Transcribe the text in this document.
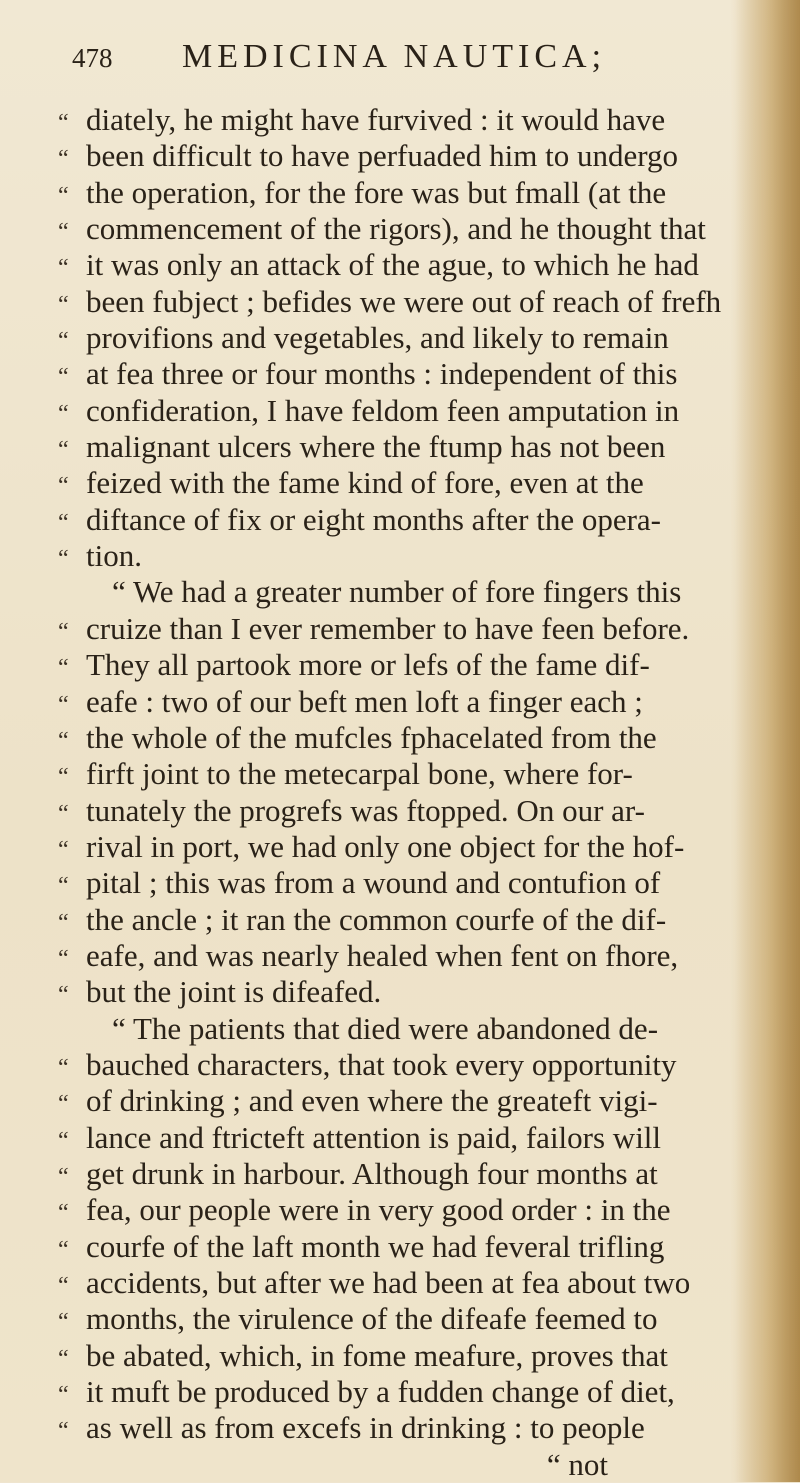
478	MEDICINA NAUTICA;
“ diately, he might have furvived : it would have
“ been difficult to have perfuaded him to undergo
“ the operation, for the fore was but fmall (at the
“ commencement of the rigors), and he thought that
“ it was only an attack of the ague, to which he had
“ been fubject ; befides we were out of reach of frefh
“ provifions and vegetables, and likely to remain
“ at fea three or four months : independent of this
“ confideration, I have feldom feen amputation in
“ malignant ulcers where the ftump has not been
“ feized with the fame kind of fore, even at the
“ diftance of fix or eight months after the opera-
“ tion.
“ We had a greater number of fore fingers this
“ cruize than I ever remember to have feen before.
“ They all partook more or lefs of the fame dif-
“ eafe : two of our beft men loft a finger each ;
“ the whole of the mufcles fphacelated from the
“ firft joint to the metecarpal bone, where for-
“ tunately the progrefs was ftopped. On our ar-
“ rival in port, we had only one object for the hof-
“ pital ; this was from a wound and contufion of
“ the ancle ; it ran the common courfe of the dif-
“ eafe, and was nearly healed when fent on fhore,
“ but the joint is difeafed.
“ The patients that died were abandoned de-
“ bauched characters, that took every opportunity
“ of drinking ; and even where the greateft vigi-
“ lance and ftricteft attention is paid, failors will
“ get drunk in harbour. Although four months at
“ fea, our people were in very good order : in the
“ courfe of the laft month we had feveral trifling
“ accidents, but after we had been at fea about two
“ months, the virulence of the difeafe feemed to
“ be abated, which, in fome meafure, proves that
“ it muft be produced by a fudden change of diet,
“ as well as from excefs in drinking : to people
“ not
